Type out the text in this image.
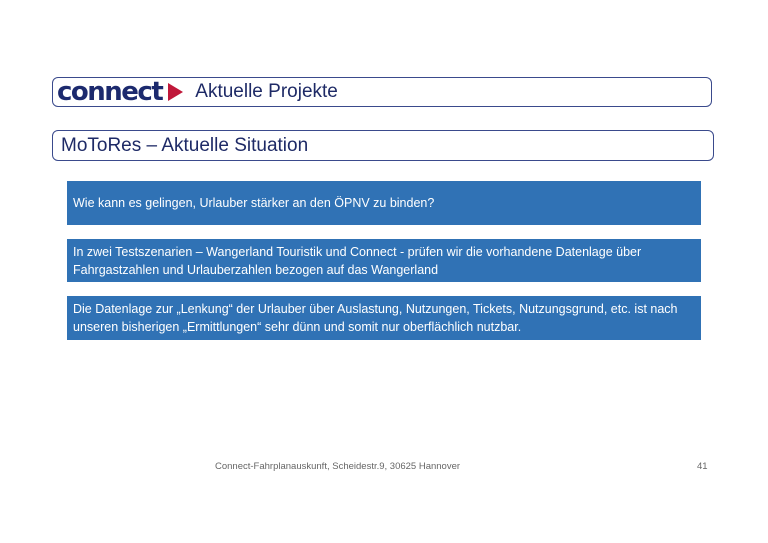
connect Aktuelle Projekte
MoToRes – Aktuelle Situation
Wie kann es gelingen, Urlauber stärker an den ÖPNV zu binden?
In zwei Testszenarien – Wangerland Touristik und Connect - prüfen wir die vorhandene Datenlage über Fahrgastzahlen und Urlauberzahlen bezogen auf das Wangerland
Die Datenlage zur „Lenkung“ der Urlauber über Auslastung, Nutzungen, Tickets, Nutzungsgrund, etc. ist nach unseren bisherigen „Ermittlungen“ sehr dünn und somit nur oberflächlich nutzbar.
Connect-Fahrplanauskunft, Scheidestr.9, 30625 Hannover	41
